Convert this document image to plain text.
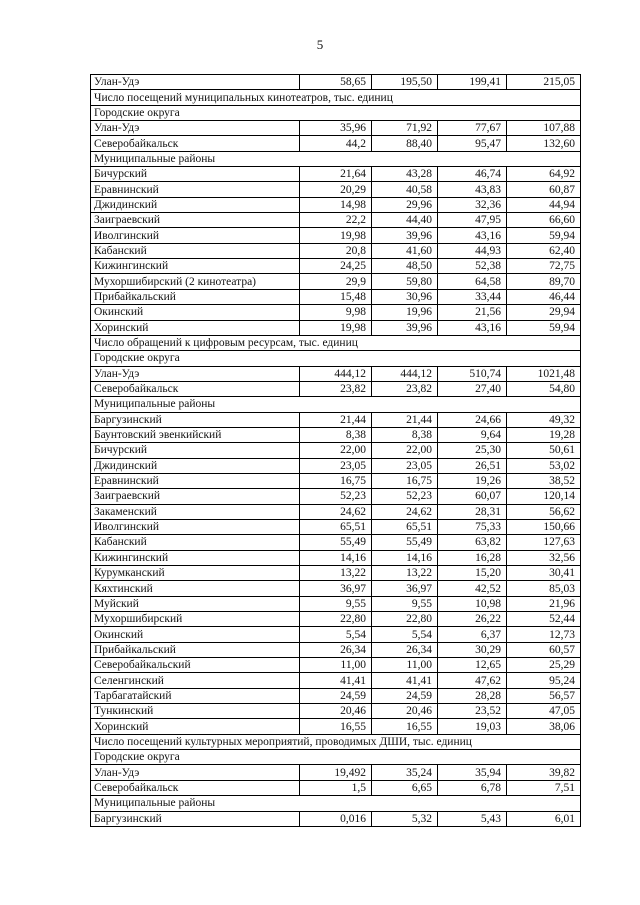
5
Улан-Удэ	58,65	195,50	199,41	215,05
Число посещений муниципальных кинотеатров, тыс. единиц				
Городские округа				
Улан-Удэ	35,96	71,92	77,67	107,88
Северобайкальск	44,2	88,40	95,47	132,60
Муниципальные районы				
Бичурский	21,64	43,28	46,74	64,92
Еравнинский	20,29	40,58	43,83	60,87
Джидинский	14,98	29,96	32,36	44,94
Заиграевский	22,2	44,40	47,95	66,60
Иволгинский	19,98	39,96	43,16	59,94
Кабанский	20,8	41,60	44,93	62,40
Кижингинский	24,25	48,50	52,38	72,75
Мухоршибирский (2 кинотеатра)	29,9	59,80	64,58	89,70
Прибайкальский	15,48	30,96	33,44	46,44
Окинский	9,98	19,96	21,56	29,94
Хоринский	19,98	39,96	43,16	59,94
Число обращений к цифровым ресурсам, тыс. единиц				
Городские округа				
Улан-Удэ	444,12	444,12	510,74	1021,48
Северобайкальск	23,82	23,82	27,40	54,80
Муниципальные районы				
Баргузинский	21,44	21,44	24,66	49,32
Баунтовский эвенкийский	8,38	8,38	9,64	19,28
Бичурский	22,00	22,00	25,30	50,61
Джидинский	23,05	23,05	26,51	53,02
Еравнинский	16,75	16,75	19,26	38,52
Заиграевский	52,23	52,23	60,07	120,14
Закаменский	24,62	24,62	28,31	56,62
Иволгинский	65,51	65,51	75,33	150,66
Кабанский	55,49	55,49	63,82	127,63
Кижингинский	14,16	14,16	16,28	32,56
Курумканский	13,22	13,22	15,20	30,41
Кяхтинский	36,97	36,97	42,52	85,03
Муйский	9,55	9,55	10,98	21,96
Мухоршибирский	22,80	22,80	26,22	52,44
Окинский	5,54	5,54	6,37	12,73
Прибайкальский	26,34	26,34	30,29	60,57
Северобайкальский	11,00	11,00	12,65	25,29
Селенгинский	41,41	41,41	47,62	95,24
Тарбагатайский	24,59	24,59	28,28	56,57
Тункинский	20,46	20,46	23,52	47,05
Хоринский	16,55	16,55	19,03	38,06
Число посещений культурных мероприятий, проводимых ДШИ, тыс. единиц				
Городские округа				
Улан-Удэ	19,492	35,24	35,94	39,82
Северобайкальск	1,5	6,65	6,78	7,51
Муниципальные районы				
Баргузинский	0,016	5,32	5,43	6,01
